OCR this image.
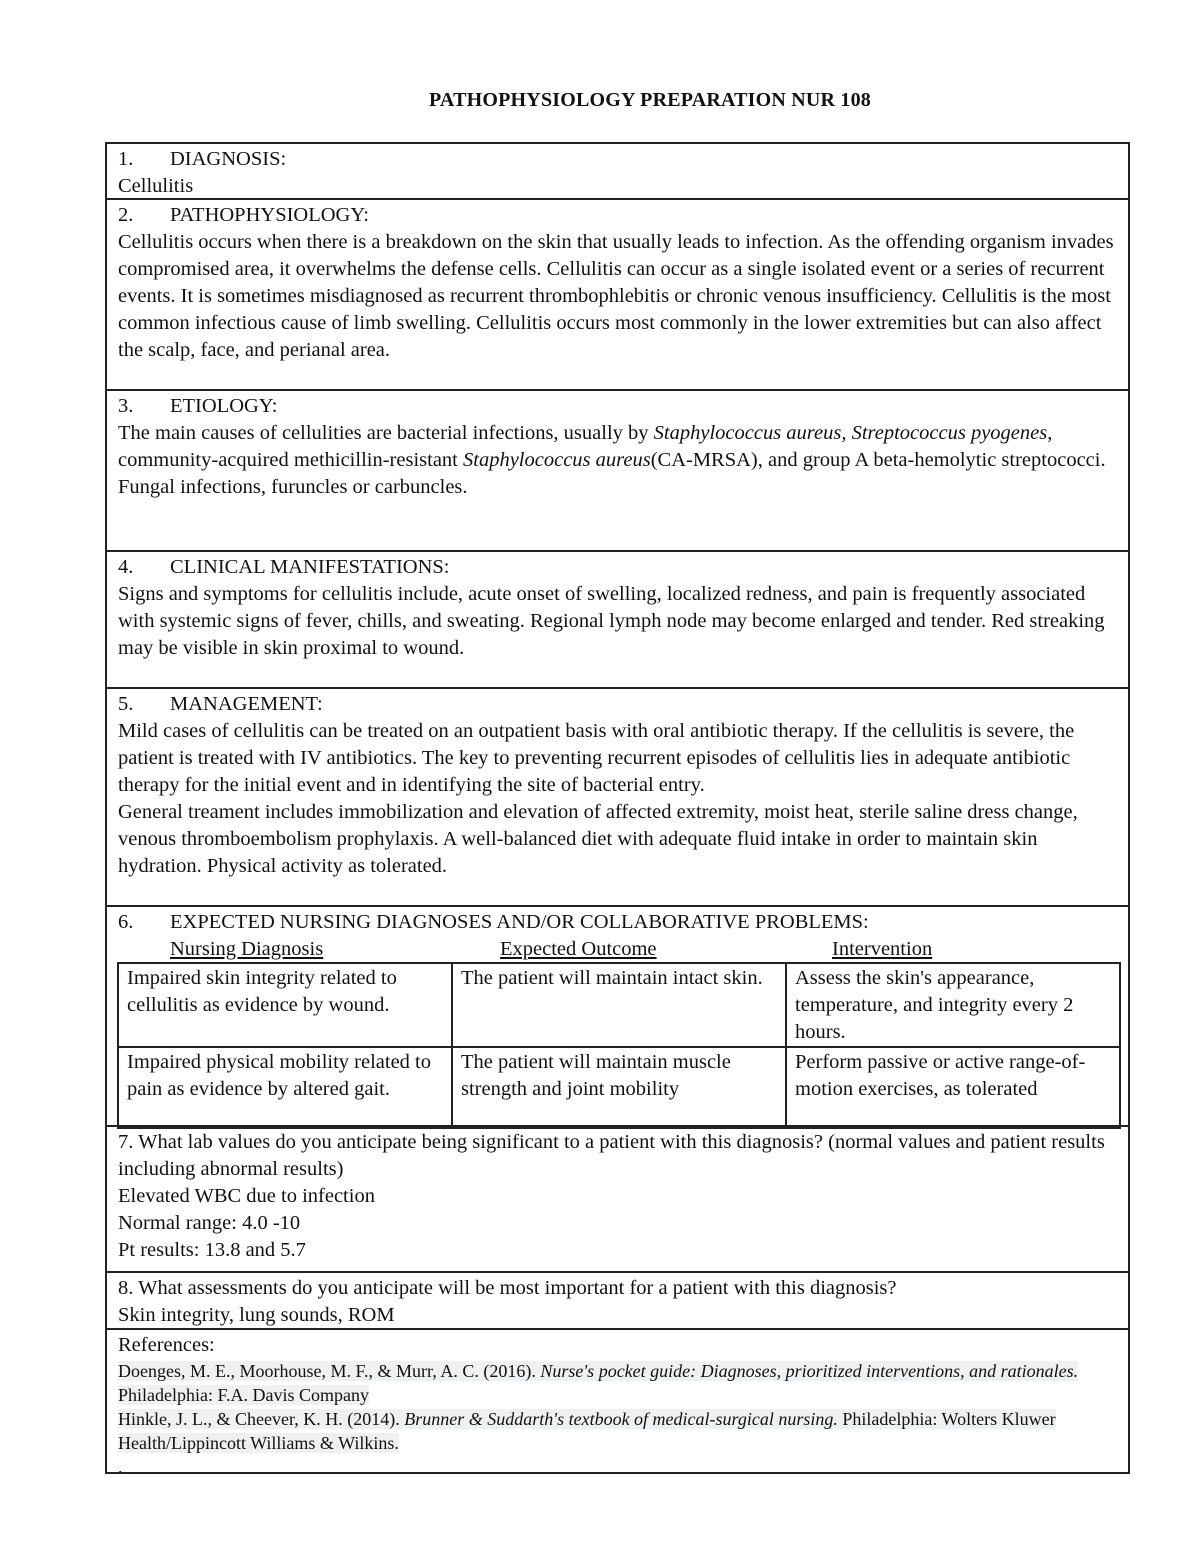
PATHOPHYSIOLOGY PREPARATION NUR 108
1. DIAGNOSIS:

Cellulitis

2. PATHOPHYSIOLOGY:

Cellulitis occurs when there is a breakdown on the skin that usually leads to infection. As the offending organism invades compromised area, it overwhelms the defense cells. Cellulitis can occur as a single isolated event or a series of recurrent events. It is sometimes misdiagnosed as recurrent thrombophlebitis or chronic venous insufficiency. Cellulitis is the most common infectious cause of limb swelling. Cellulitis occurs most commonly in the lower extremities but can also affect the scalp, face, and perianal area.

3. ETIOLOGY:

The main causes of cellulities are bacterial infections, usually by Staphylococcus aureus, Streptococcus pyogenes, community-acquired methicillin-resistant Staphylococcus aureus(CA-MRSA), and group A beta-hemolytic streptococci. Fungal infections, furuncles or carbuncles.

4. CLINICAL MANIFESTATIONS:

Signs and symptoms for cellulitis include, acute onset of swelling, localized redness, and pain is frequently associated with systemic signs of fever, chills, and sweating. Regional lymph node may become enlarged and tender. Red streaking may be visible in skin proximal to wound.

5. MANAGEMENT:

Mild cases of cellulitis can be treated on an outpatient basis with oral antibiotic therapy. If the cellulitis is severe, the patient is treated with IV antibiotics. The key to preventing recurrent episodes of cellulitis lies in adequate antibiotic therapy for the initial event and in identifying the site of bacterial entry.

General treament includes immobilization and elevation of affected extremity, moist heat, sterile saline dress change, venous thromboembolism prophylaxis. A well-balanced diet with adequate fluid intake in order to maintain skin hydration. Physical activity as tolerated.

6. EXPECTED NURSING DIAGNOSES AND/OR COLLABORATIVE PROBLEMS:
Nursing Diagnosis	Expected Outcome	Intervention
Impaired skin integrity related to cellulitis as evidence by wound.	The patient will maintain intact skin.	Assess the skin's appearance, temperature, and integrity every 2 hours.
Impaired physical mobility related to pain as evidence by altered gait.	The patient will maintain muscle strength and joint mobility	Perform passive or active range-of-motion exercises, as tolerated

7. What lab values do you anticipate being significant to a patient with this diagnosis? (normal values and patient results including abnormal results)

Elevated WBC due to infection

Normal range: 4.0 -10

Pt results: 13.8 and 5.7

8. What assessments do you anticipate will be most important for a patient with this diagnosis?

Skin integrity, lung sounds, ROM

References:

Doenges, M. E., Moorhouse, M. F., & Murr, A. C. (2016). Nurse's pocket guide: Diagnoses, prioritized interventions, and rationales. Philadelphia: F.A. Davis Company

Hinkle, J. L., & Cheever, K. H. (2014). Brunner & Suddarth's textbook of medical-surgical nursing. Philadelphia: Wolters Kluwer Health/Lippincott Williams & Wilkins.

.
